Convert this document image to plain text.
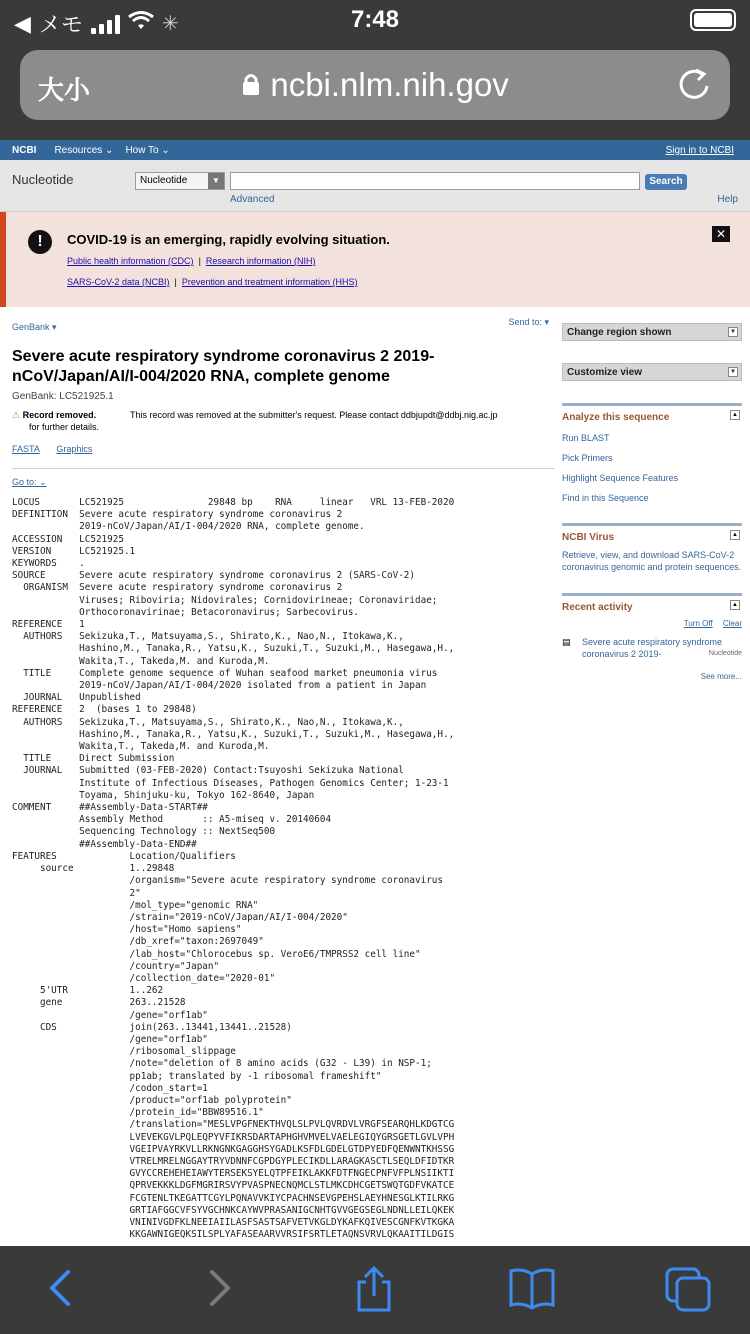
◀ メモ	✳	7:48
大小	ncbi.nlm.nih.gov
NCBI Resources ⌄ How To ⌄	Sign in to NCBI
Nucleotide	Nucleotide	▼	Search
Advanced	Help
!	COVID-19 is an emerging, rapidly evolving situation.
Public health information (CDC)  |  Research information (NIH)
SARS-CoV-2 data (NCBI)  |  Prevention and treatment information (HHS)
✕
GenBank ▾	Send to: ▾
Severe acute respiratory syndrome coronavirus 2 2019-nCoV/Japan/AI/I-004/2020 RNA, complete genome
GenBank: LC521925.1
⚠ Record removed.	This record was removed at the submitter's request. Please contact ddbjupdt@ddbj.nig.ac.jp
for further details.
FASTA Graphics
Go to: ⌄
LOCUS       LC521925               29848 bp    RNA     linear   VRL 13-FEB-2020
DEFINITION  Severe acute respiratory syndrome coronavirus 2
2019-nCoV/Japan/AI/I-004/2020 RNA, complete genome.
ACCESSION   LC521925
VERSION     LC521925.1
KEYWORDS    .
SOURCE      Severe acute respiratory syndrome coronavirus 2 (SARS-CoV-2)
ORGANISM  Severe acute respiratory syndrome coronavirus 2
Viruses; Riboviria; Nidovirales; Cornidovirineae; Coronaviridae;
Orthocoronavirinae; Betacoronavirus; Sarbecovirus.
REFERENCE   1
AUTHORS   Sekizuka,T., Matsuyama,S., Shirato,K., Nao,N., Itokawa,K.,
Hashino,M., Tanaka,R., Yatsu,K., Suzuki,T., Suzuki,M., Hasegawa,H.,
Wakita,T., Takeda,M. and Kuroda,M.
TITLE     Complete genome sequence of Wuhan seafood market pneumonia virus
2019-nCoV/Japan/AI/I-004/2020 isolated from a patient in Japan
JOURNAL   Unpublished
REFERENCE   2  (bases 1 to 29848)
AUTHORS   Sekizuka,T., Matsuyama,S., Shirato,K., Nao,N., Itokawa,K.,
Hashino,M., Tanaka,R., Yatsu,K., Suzuki,T., Suzuki,M., Hasegawa,H.,
Wakita,T., Takeda,M. and Kuroda,M.
TITLE     Direct Submission
JOURNAL   Submitted (03-FEB-2020) Contact:Tsuyoshi Sekizuka National
Institute of Infectious Diseases, Pathogen Genomics Center; 1-23-1
Toyama, Shinjuku-ku, Tokyo 162-8640, Japan
COMMENT     ##Assembly-Data-START##
Assembly Method       :: A5-miseq v. 20140604
Sequencing Technology :: NextSeq500
##Assembly-Data-END##
FEATURES             Location/Qualifiers
source          1..29848
/organism="Severe acute respiratory syndrome coronavirus
2"
/mol_type="genomic RNA"
/strain="2019-nCoV/Japan/AI/I-004/2020"
/host="Homo sapiens"
/db_xref="taxon:2697049"
/lab_host="Chlorocebus sp. VeroE6/TMPRSS2 cell line"
/country="Japan"
/collection_date="2020-01"
5'UTR           1..262
gene            263..21528
/gene="orf1ab"
CDS             join(263..13441,13441..21528)
/gene="orf1ab"
/ribosomal_slippage
/note="deletion of 8 amino acids (G32 - L39) in NSP-1;
pp1ab; translated by -1 ribosomal frameshift"
/codon_start=1
/product="orf1ab polyprotein"
/protein_id="BBW89516.1"
/translation="MESLVPGFNEKTHVQLSLPVLQVRDVLVRGFSEARQHLKDGTCG
LVEVEKGVLPQLEQPYVFIKRSDARTAPHGHVMVELVAELEGIQYGRSGETLGVLVPH
VGEIPVAYRKVLLRKNGNKGAGGHSYGADLKSFDLGDELGTDPYEDFQENWNTKHSSG
VTRELMRELNGGAYTRYVDNNFCGPDGYPLECIKDLLARAGKASCTLSEQLDFIDTKR
GVYCCREHEHEIAWYTERSEKSYELQTPFEIKLAKKFDTFNGECPNFVFPLNSIIKTI
QPRVEKKKLDGFMGRIRSVYPVASPNECNQMCLSTLMKCDHCGETSWQTGDFVKATCE
FCGTENLTKEGATTCGYLPQNAVVKIYCPACHNSEVGPEHSLAEYHNESGLKTILRKG
GRTIAFGGCVFSYVGCHNKCAYWVPRASANIGCNHTGVVGEGSEGLNDNLLEILQKEK
VNINIVGDFKLNEEIAIILASFSASTSAFVETVKGLDYKAFKQIVESCGNFKVTKGKA
KKGAWNIGEQKSILSPLYAFASEAARVVRSIFSRTLETAQNSVRVLQKAAITILDGIS
Change region shown	▼
Customize view	▼
Analyze this sequence	▲
Run BLAST
Pick Primers
Highlight Sequence Features
Find in this Sequence
NCBI Virus	▲
Retrieve, view, and download SARS-CoV-2 coronavirus genomic and protein sequences.
Recent activity	▲
Turn Off Clear
▤ Severe acute respiratory syndrome coronavirus 2 2019-	Nucleotide
See more...
